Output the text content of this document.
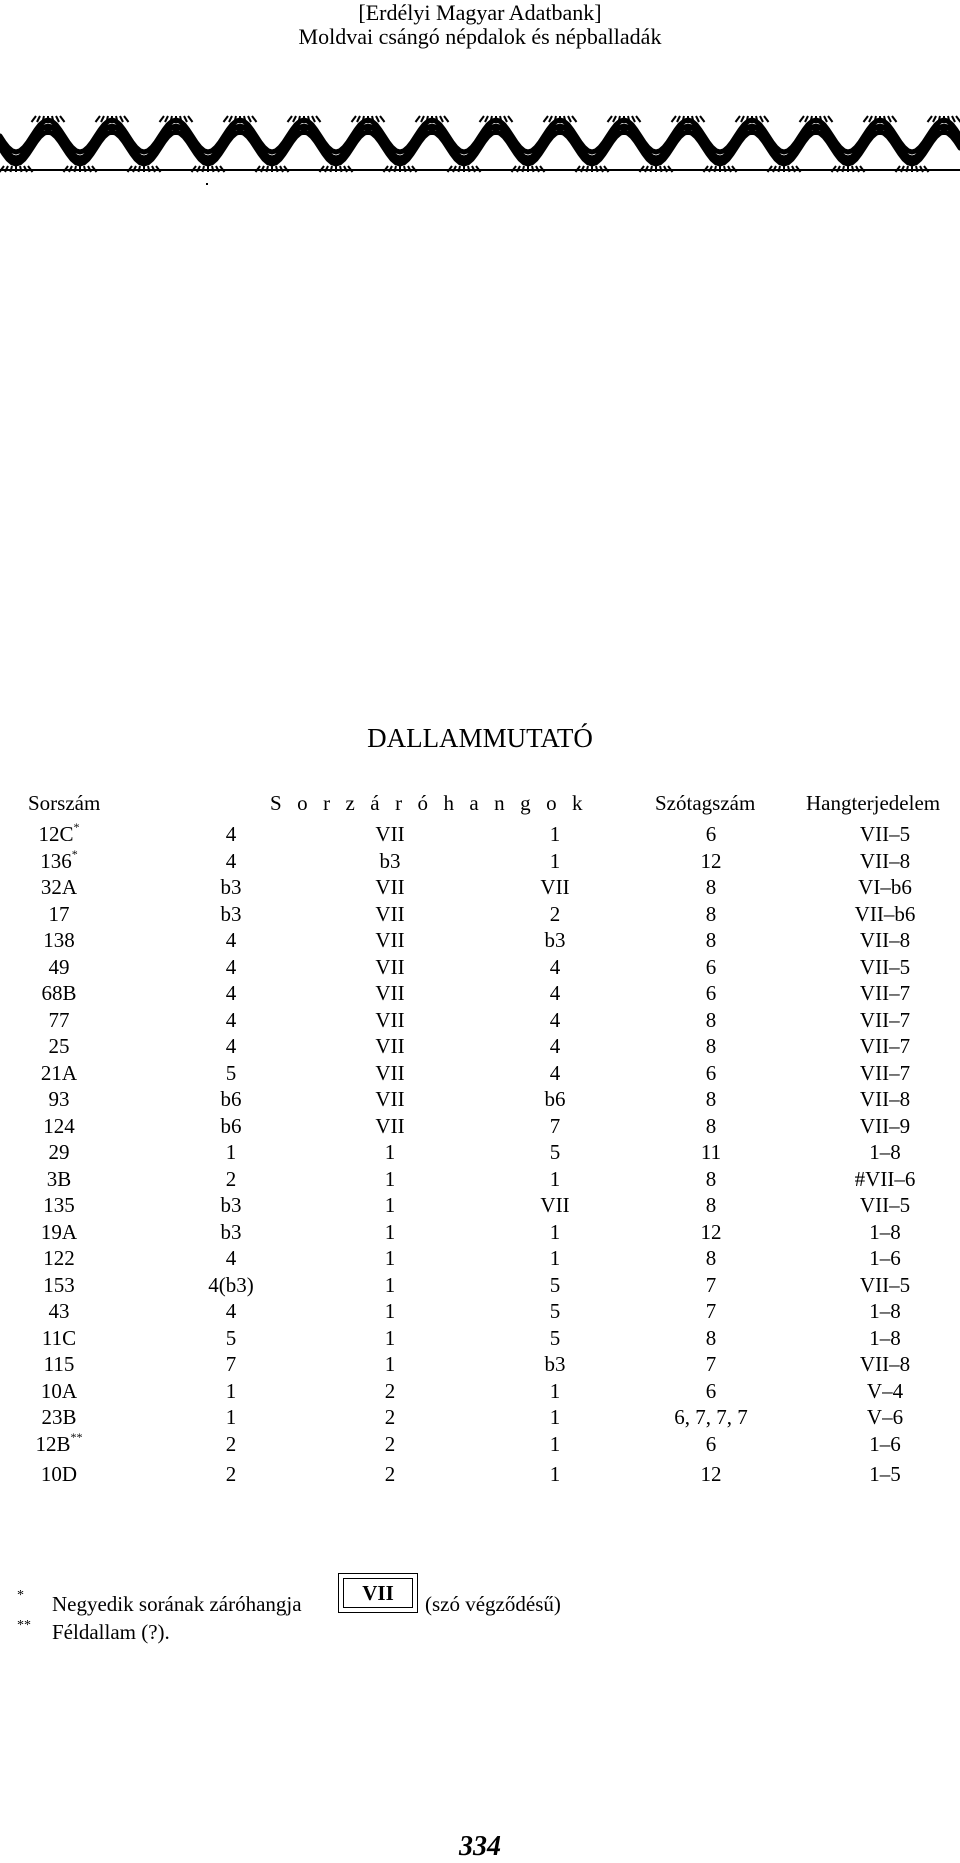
[Erdélyi Magyar Adatbank]
Moldvai csángó népdalok és népballadák
DALLAMMUTATÓ
Sorszám	S o r z á r ó h a n g o k	Szótagszám Hangterjedelem
12C*	4	VII	1	6	VII–5
136*	4	b3	1	12	VII–8
32A	b3	VII	VII	8	VI–b6
17	b3	VII	2	8	VII–b6
138	4	VII	b3	8	VII–8
49	4	VII	4	6	VII–5
68B	4	VII	4	6	VII–7
77	4	VII	4	8	VII–7
25	4	VII	4	8	VII–7
21A	5	VII	4	6	VII–7
93	b6	VII	b6	8	VII–8
124	b6	VII	7	8	VII–9
29	1	1	5	11	1–8
3B	2	1	1	8	#VII–6
135	b3	1	VII	8	VII–5
19A	b3	1	1	12	1–8
122	4	1	1	8	1–6
153	4(b3)	1	5	7	VII–5
43	4	1	5	7	1–8
11C	5	1	5	8	1–8
115	7	1	b3	7	VII–8
10A	1	2	1	6	V–4
23B	1	2	1	6, 7, 7, 7	V–6
12B**	2	2	1	6	1–6
10D	2	2	1	12	1–5
* Negyedik sorának záróhangja	VII	(szó végződésű)
** Féldallam (?).
334
